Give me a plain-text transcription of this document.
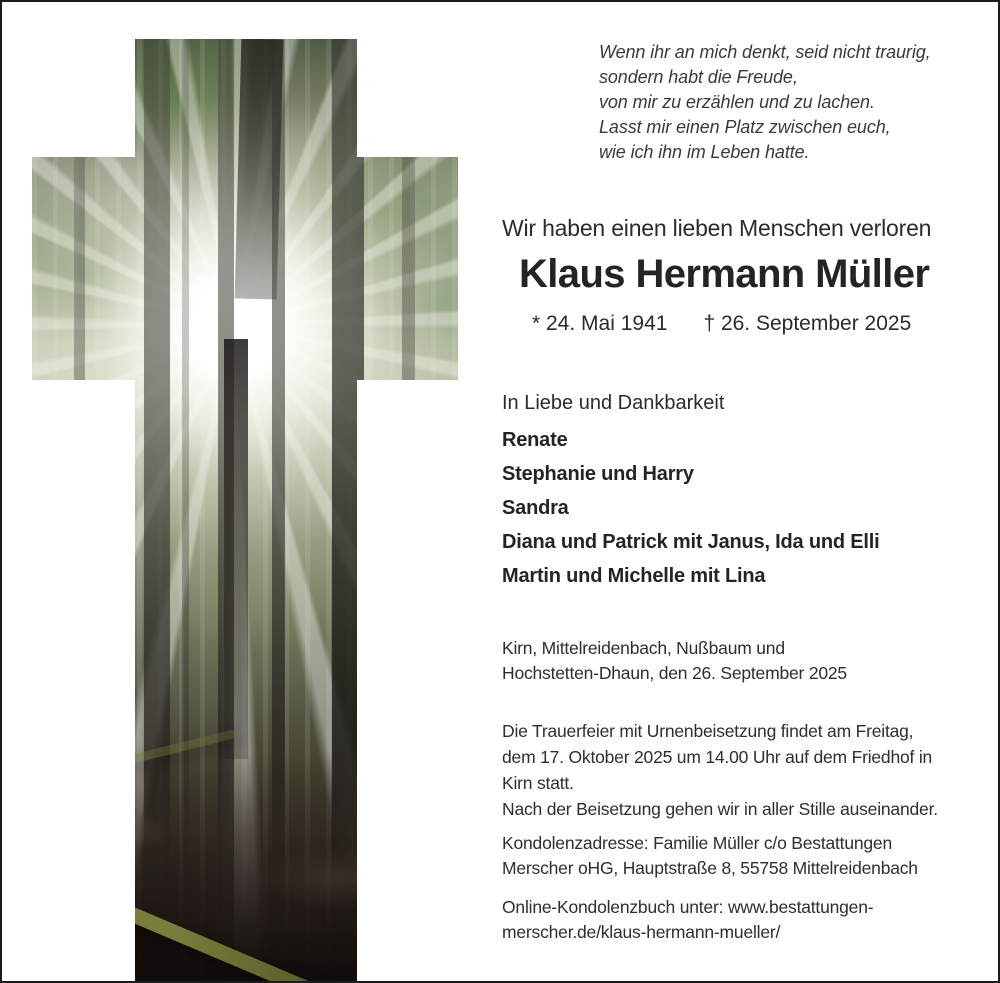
Wenn ihr an mich denkt, seid nicht traurig,
sondern habt die Freude,
von mir zu erzählen und zu lachen.
Lasst mir einen Platz zwischen euch,
wie ich ihn im Leben hatte.
Wir haben einen lieben Menschen verloren
Klaus Hermann Müller
* 24. Mai 1941 † 26. September 2025
In Liebe und Dankbarkeit
Renate
Stephanie und Harry
Sandra
Diana und Patrick mit Janus, Ida und Elli
Martin und Michelle mit Lina
Kirn, Mittelreidenbach, Nußbaum und
Hochstetten-Dhaun, den 26. September 2025
Die Trauerfeier mit Urnenbeisetzung findet am Freitag,
dem 17. Oktober 2025 um 14.00 Uhr auf dem Friedhof in
Kirn statt.
Nach der Beisetzung gehen wir in aller Stille auseinander.
Kondolenzadresse: Familie Müller c/o Bestattungen
Merscher oHG, Hauptstraße 8, 55758 Mittelreidenbach
Online-Kondolenzbuch unter: www.bestattungen-
merscher.de/klaus-hermann-mueller/
